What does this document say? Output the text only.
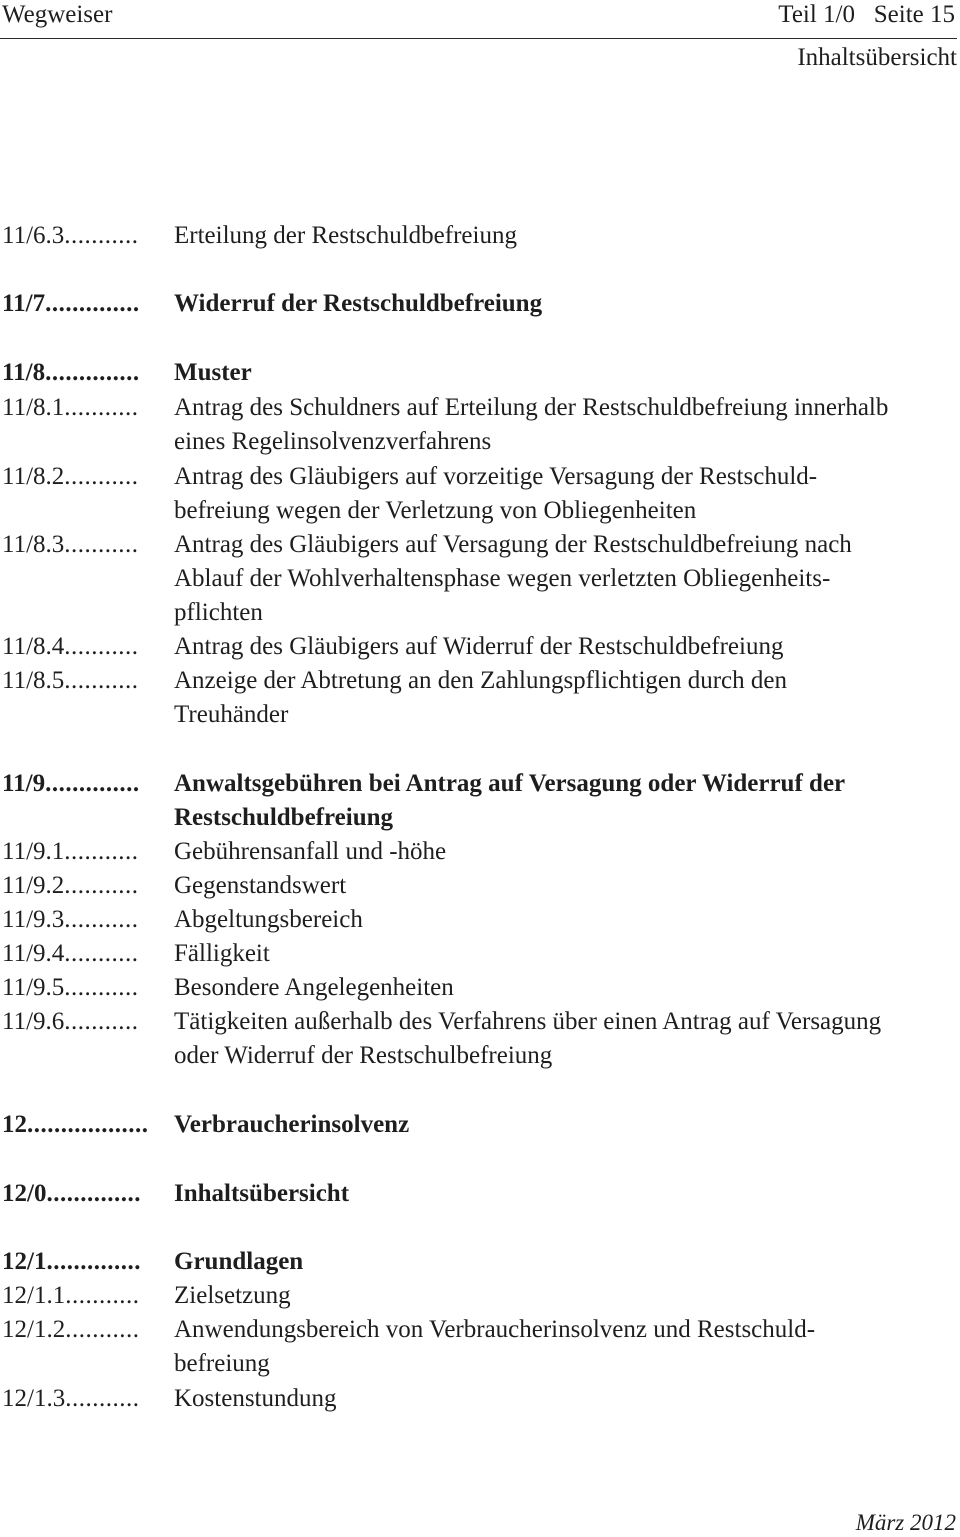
Wegweiser	Teil 1/0   Seite 15
Inhaltsübersicht
11/6.3...........	Erteilung der Restschuldbefreiung
11/7..............	Widerruf der Restschuldbefreiung
11/8..............	Muster
11/8.1...........	Antrag des Schuldners auf Erteilung der Restschuldbefreiung innerhalb
eines Regelinsolvenzverfahrens
11/8.2...........	Antrag des Gläubigers auf vorzeitige Versagung der Restschuld-
befreiung wegen der Verletzung von Obliegenheiten
11/8.3...........	Antrag des Gläubigers auf Versagung der Restschuldbefreiung nach
Ablauf der Wohlverhaltensphase wegen verletzten Obliegenheits-
pflichten
11/8.4...........	Antrag des Gläubigers auf Widerruf der Restschuldbefreiung
11/8.5...........	Anzeige der Abtretung an den Zahlungspflichtigen durch den
Treuhänder
11/9..............	Anwaltsgebühren bei Antrag auf Versagung oder Widerruf der
Restschuldbefreiung
11/9.1...........	Gebührensanfall und -höhe
11/9.2...........	Gegenstandswert
11/9.3...........	Abgeltungsbereich
11/9.4...........	Fälligkeit
11/9.5...........	Besondere Angelegenheiten
11/9.6...........	Tätigkeiten außerhalb des Verfahrens über einen Antrag auf Versagung
oder Widerruf der Restschulbefreiung
12..................	Verbraucherinsolvenz
12/0..............	Inhaltsübersicht
12/1..............	Grundlagen
12/1.1...........	Zielsetzung
12/1.2...........	Anwendungsbereich von Verbraucherinsolvenz und Restschuld-
befreiung
12/1.3...........	Kostenstundung
März 2012
